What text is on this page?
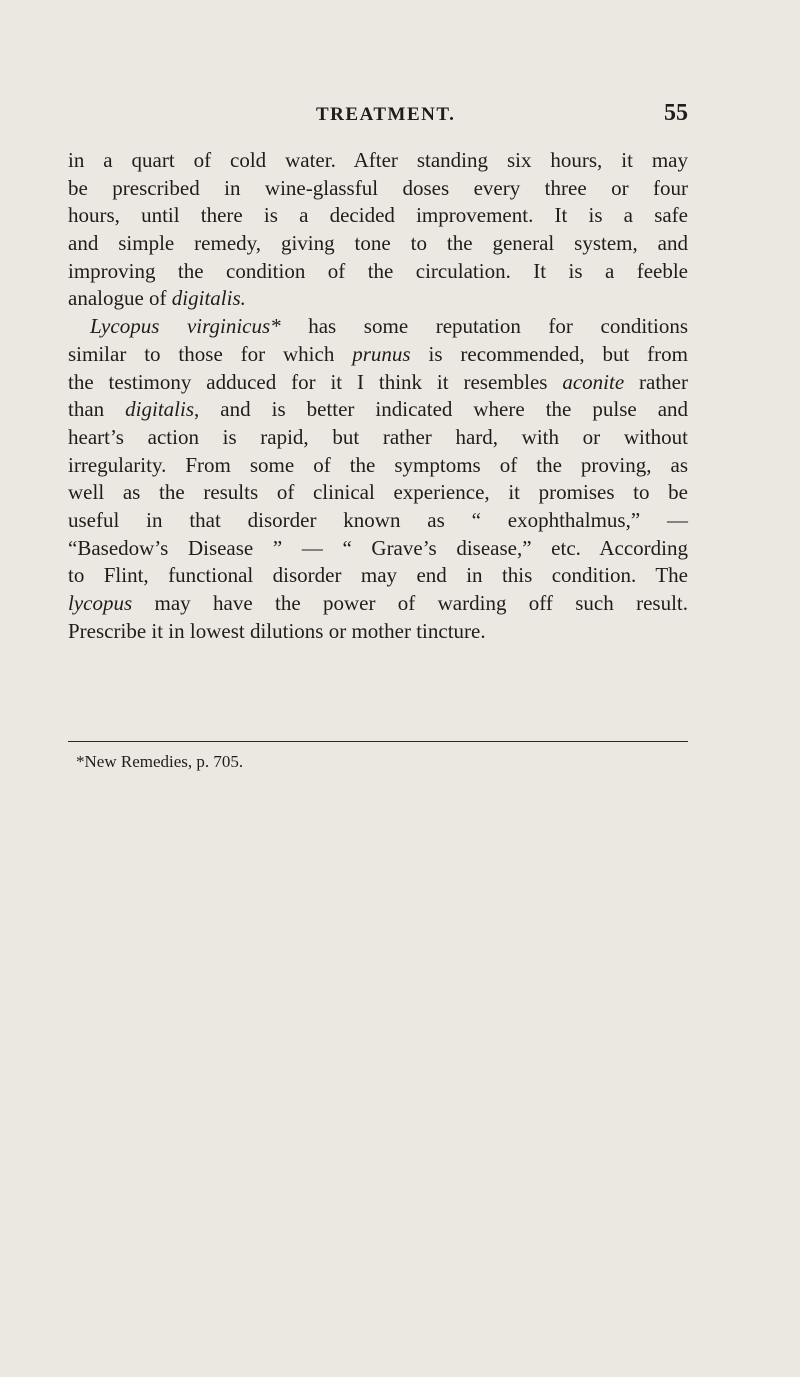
TREATMENT.	55
in a quart of cold water. After standing six hours, it may
be prescribed in wine-glassful doses every three or four
hours, until there is a decided improvement. It is a safe
and simple remedy, giving tone to the general system, and
improving the condition of the circulation. It is a feeble
analogue of digitalis.
Lycopus virginicus* has some reputation for conditions
similar to those for which prunus is recommended, but from
the testimony adduced for it I think it resembles aconite rather
than digitalis, and is better indicated where the pulse and
heart’s action is rapid, but rather hard, with or without
irregularity. From some of the symptoms of the proving, as
well as the results of clinical experience, it promises to be
useful in that disorder known as “ exophthalmus,” —
“Basedow’s Disease ” — “ Grave’s disease,” etc. According
to Flint, functional disorder may end in this condition. The
lycopus may have the power of warding off such result.
Prescribe it in lowest dilutions or mother tincture.
*New Remedies, p. 705.
